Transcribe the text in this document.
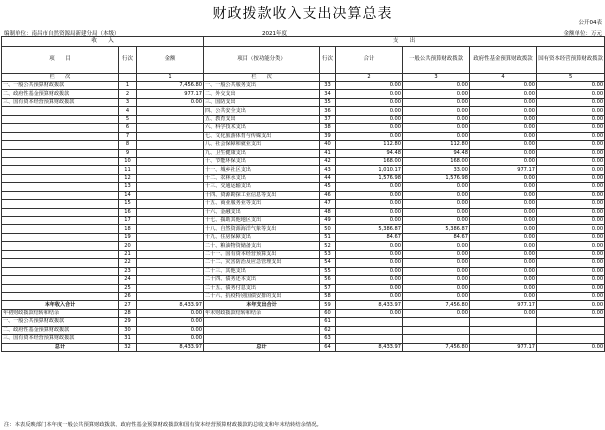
财政拨款收入支出决算总表
公开04表
编制单位：南昌市自然资源局新建分局（本级）	2021年度	金额单位：万元
收　　入			支　　出					
项　　目	行次	金额	项目（按功能分类）	行次	合计	一般公共预算财政拨款	政府性基金预算财政拨款	国有资本经营预算财政拨款
栏　　次		1	栏　　次		2	3	4	5
一、一般公共预算财政拨款	1	7,456.80	一、一般公共服务支出	33	0.00	0.00	0.00	0.00
二、政府性基金预算财政拨款	2	977.17	二、外交支出	34	0.00	0.00	0.00	0.00
三、国有资本经营预算财政拨款	3	0.00	三、国防支出	35	0.00	0.00	0.00	0.00
	4		四、公共安全支出	36	0.00	0.00	0.00	0.00
	5		五、教育支出	37	0.00	0.00	0.00	0.00
	6		六、科学技术支出	38	0.00	0.00	0.00	0.00
	7		七、文化旅游体育与传媒支出	39	0.00	0.00	0.00	0.00
	8		八、社会保障和就业支出	40	112.80	112.80	0.00	0.00
	9		九、卫生健康支出	41	94.48	94.48	0.00	0.00
	10		十、节能环保支出	42	168.00	168.00	0.00	0.00
	11		十一、城乡社区支出	43	1,010.17	33.00	977.17	0.00
	12		十二、农林水支出	44	1,576.98	1,576.98	0.00	0.00
	13		十三、交通运输支出	45	0.00	0.00	0.00	0.00
	14		十四、资源勘探工业信息等支出	46	0.00	0.00	0.00	0.00
	15		十五、商业服务业等支出	47	0.00	0.00	0.00	0.00
	16		十六、金融支出	48	0.00	0.00	0.00	0.00
	17		十七、援助其他地区支出	49	0.00	0.00	0.00	0.00
	18		十八、自然资源海洋气象等支出	50	5,386.87	5,386.87	0.00	0.00
	19		十九、住房保障支出	51	84.67	84.67	0.00	0.00
	20		二十、粮油物资储备支出	52	0.00	0.00	0.00	0.00
	21		二十一、国有资本经营预算支出	53	0.00	0.00	0.00	0.00
	22		二十二、灾害防治及应急管理支出	54	0.00	0.00	0.00	0.00
	23		二十三、其他支出	55	0.00	0.00	0.00	0.00
	24		二十四、债务还本支出	56	0.00	0.00	0.00	0.00
	25		二十五、债务付息支出	57	0.00	0.00	0.00	0.00
	26		二十六、抗疫特别国债安排的支出	58	0.00	0.00	0.00	0.00
本年收入合计	27	8,433.97	本年支出合计	59	8,433.97	7,456.80	977.17	0.00
年初财政拨款结转和结余	28	0.00	年末财政拨款结转和结余	60	0.00	0.00	0.00	0.00
一、一般公共预算财政拨款	29	0.00		61				
二、政府性基金预算财政拨款	30	0.00		62				
三、国有资本经营预算财政拨款	31	0.00		63				
总计	32	8,433.97	总计	64	8,433.97	7,456.80	977.17	0.00
注：本表反映部门本年度一般公共预算财政拨款、政府性基金预算财政拨款和国有资本经营预算财政拨款的总收支和年末结转结余情况。
